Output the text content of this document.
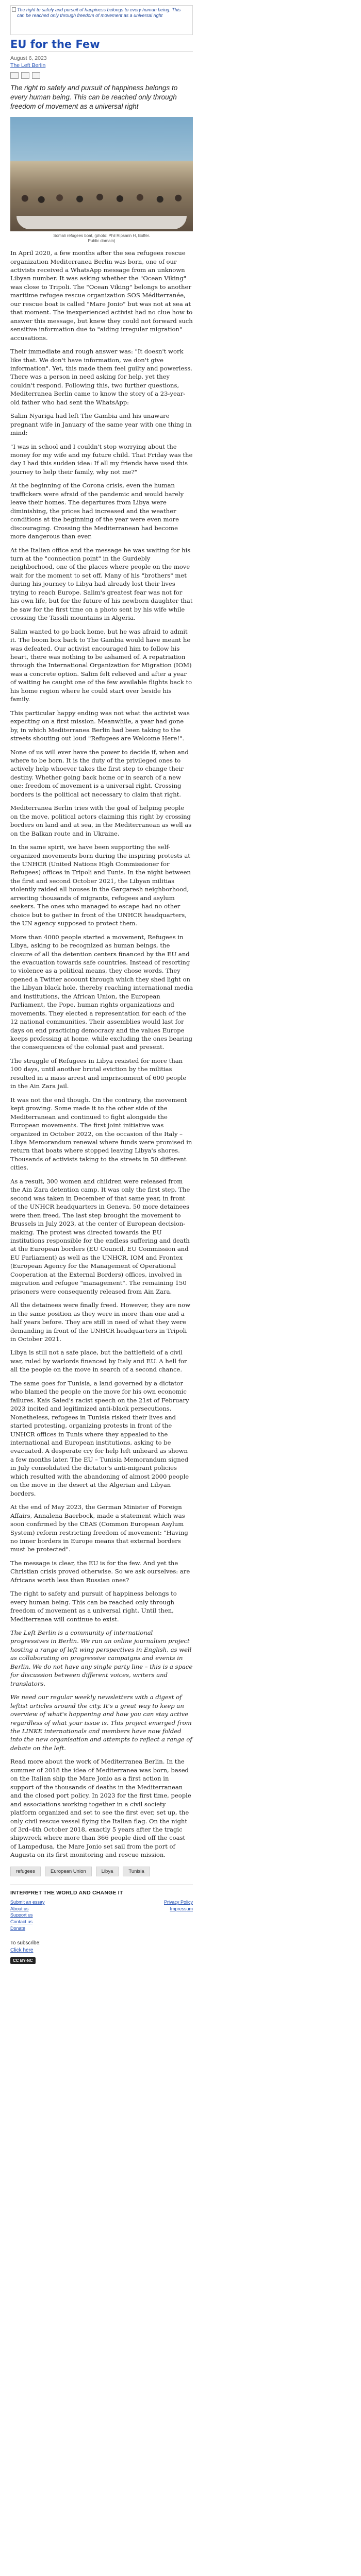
The right to safely and pursuit of happiness belongs to every human being. This can be reached only through freedom of movement as a universal right
EU for the Few
August 6, 2023
The Left Berlin
The right to safely and pursuit of happiness belongs to every human being. This can be reached only through freedom of movement as a universal right
Somali refugees boat, (photo: Phil Ripsarin H, Boffer.
Public domain)

In April 2020, a few months after the sea refugees rescue organization Mediterranea Berlin was born, one of our activists received a WhatsApp message from an unknown Libyan number. It was asking whether the "Ocean Viking" was close to Tripoli. The "Ocean Viking" belongs to another maritime refugee rescue organization SOS Méditerranée, our rescue boat is called "Mare Jonio" but was not at sea at that moment. The inexperienced activist had no clue how to answer this message, but knew they could not forward such sensitive information due to "aiding irregular migration" accusations.

Their immediate and rough answer was: "It doesn't work like that. We don't have information, we don't give information". Yet, this made them feel guilty and powerless. There was a person in need asking for help, yet they couldn't respond. Following this, two further questions, Mediterranea Berlin came to know the story of a 23-year-old father who had sent the WhatsApp:

Salim Nyariga had left The Gambia and his unaware pregnant wife in January of the same year with one thing in mind:

"I was in school and I couldn't stop worrying about the money for my wife and my future child. That Friday was the day I had this sudden idea: If all my friends have used this journey to help their family, why not me?"

At the beginning of the Corona crisis, even the human traffickers were afraid of the pandemic and would barely leave their homes. The departures from Libya were diminishing, the prices had increased and the weather conditions at the beginning of the year were even more discouraging. Crossing the Mediterranean had become more dangerous than ever.

At the Italian office and the message he was waiting for his turn at the "connection point" in the Gurdebly neighborhood, one of the places where people on the move wait for the moment to set off. Many of his "brothers" met during his journey to Libya had already lost their lives trying to reach Europe. Salim's greatest fear was not for his own life, but for the future of his newborn daughter that he saw for the first time on a photo sent by his wife while crossing the Tassili mountains in Algeria.

Salim wanted to go back home, but he was afraid to admit it. The boom box back to The Gambia would have meant he was defeated. Our activist encouraged him to follow his heart, there was nothing to be ashamed of. A repatriation through the International Organization for Migration (IOM) was a concrete option. Salim felt relieved and after a year of waiting he caught one of the few available flights back to his home region where he could start over beside his family.

This particular happy ending was not what the activist was expecting on a first mission. Meanwhile, a year had gone by, in which Mediterranea Berlin had been taking to the streets shouting out loud "Refugees are Welcome Here!".

None of us will ever have the power to decide if, when and where to be born. It is the duty of the privileged ones to actively help whoever takes the first step to change their destiny. Whether going back home or in search of a new one: freedom of movement is a universal right. Crossing borders is the political act necessary to claim that right.

Mediterranea Berlin tries with the goal of helping people on the move, political actors claiming this right by crossing borders on land and at sea, in the Mediterranean as well as on the Balkan route and in Ukraine.

In the same spirit, we have been supporting the self-organized movements born during the inspiring protests at the UNHCR (United Nations High Commissioner for Refugees) offices in Tripoli and Tunis. In the night between the first and second October 2021, the Libyan militias violently raided all houses in the Gargaresh neighborhood, arresting thousands of migrants, refugees and asylum seekers. The ones who managed to escape had no other choice but to gather in front of the UNHCR headquarters, the UN agency supposed to protect them.

More than 4000 people started a movement, Refugees in Libya, asking to be recognized as human beings, the closure of all the detention centers financed by the EU and the evacuation towards safe countries. Instead of resorting to violence as a political means, they chose words. They opened a Twitter account through which they shed light on the Libyan black hole, thereby reaching international media and institutions, the African Union, the European Parliament, the Pope, human rights organizations and movements. They elected a representation for each of the 12 national communities. Their assemblies would last for days on end practicing democracy and the values Europe keeps professing at home, while excluding the ones bearing the consequences of the colonial past and present.

The struggle of Refugees in Libya resisted for more than 100 days, until another brutal eviction by the militias resulted in a mass arrest and imprisonment of 600 people in the Ain Zara jail.

It was not the end though. On the contrary, the movement kept growing. Some made it to the other side of the Mediterranean and continued to fight alongside the European movements. The first joint initiative was organized in October 2022, on the occasion of the Italy – Libya Memorandum renewal where funds were promised in return that boats where stopped leaving Libya's shores. Thousands of activists taking to the streets in 50 different cities.

As a result, 300 women and children were released from the Ain Zara detention camp. It was only the first step. The second was taken in December of that same year, in front of the UNHCR headquarters in Geneva. 50 more detainees were then freed. The last step brought the movement to Brussels in July 2023, at the center of European decision-making. The protest was directed towards the EU institutions responsible for the endless suffering and death at the European borders (EU Council, EU Commission and EU Parliament) as well as the UNHCR, IOM and Frontex (European Agency for the Management of Operational Cooperation at the External Borders) offices, involved in migration and refugee "management". The remaining 150 prisoners were consequently released from Ain Zara.

All the detainees were finally freed. However, they are now in the same position as they were in more than one and a half years before. They are still in need of what they were demanding in front of the UNHCR headquarters in Tripoli in October 2021.

Libya is still not a safe place, but the battlefield of a civil war, ruled by warlords financed by Italy and EU. A hell for all the people on the move in search of a second chance.

The same goes for Tunisia, a land governed by a dictator who blamed the people on the move for his own economic failures. Kais Saied's racist speech on the 21st of February 2023 incited and legitimized anti-black persecutions. Nonetheless, refugees in Tunisia risked their lives and started protesting, organizing protests in front of the UNHCR offices in Tunis where they appealed to the international and European institutions, asking to be evacuated. A desperate cry for help left unheard as shown a few months later. The EU – Tunisia Memorandum signed in July consolidated the dictator's anti-migrant policies which resulted with the abandoning of almost 2000 people on the move in the desert at the Algerian and Libyan borders.

At the end of May 2023, the German Minister of Foreign Affairs, Annalena Baerbock, made a statement which was soon confirmed by the CEAS (Common European Asylum System) reform restricting freedom of movement: "Having no inner borders in Europe means that external borders must be protected".

The message is clear, the EU is for the few. And yet the Christian crisis proved otherwise. So we ask ourselves: are Africans worth less than Russian ones?

The right to safety and pursuit of happiness belongs to every human being. This can be reached only through freedom of movement as a universal right. Until then, Mediterranea will continue to exist.

The Left Berlin is a community of international progressives in Berlin. We run an online journalism project hosting a range of left wing perspectives in English, as well as collaborating on progressive campaigns and events in Berlin. We do not have any single party line – this is a space for discussion between different voices, writers and translators.

We need our regular weekly newsletters with a digest of leftist articles around the city. It's a great way to keep an overview of what's happening and how you can stay active regardless of what your issue is. This project emerged from the LINKE internationals and members have now folded into the new organisation and attempts to reflect a range of debate on the left.

Read more about the work of Mediterranea Berlin. In the summer of 2018 the idea of Mediterranea was born, based on the Italian ship the Mare Jonio as a first action in support of the thousands of deaths in the Mediterranean and the closed port policy. In 2023 for the first time, people and associations working together in a civil society platform organized and set to see the first ever, set up, the only civil rescue vessel flying the Italian flag. On the night of 3rd–4th October 2018, exactly 5 years after the tragic shipwreck where more than 366 people died off the coast of Lampedusa, the Mare Jonio set sail from the port of Augusta on its first monitoring and rescue mission.

refugees	European Union	Libya	Tunisia
INTERPRET THE WORLD AND CHANGE IT
Submit an essay
About us
Support us
Contact us
Donate
Privacy Policy
Impressum
To subscribe:
Click here
CC BY-NC
